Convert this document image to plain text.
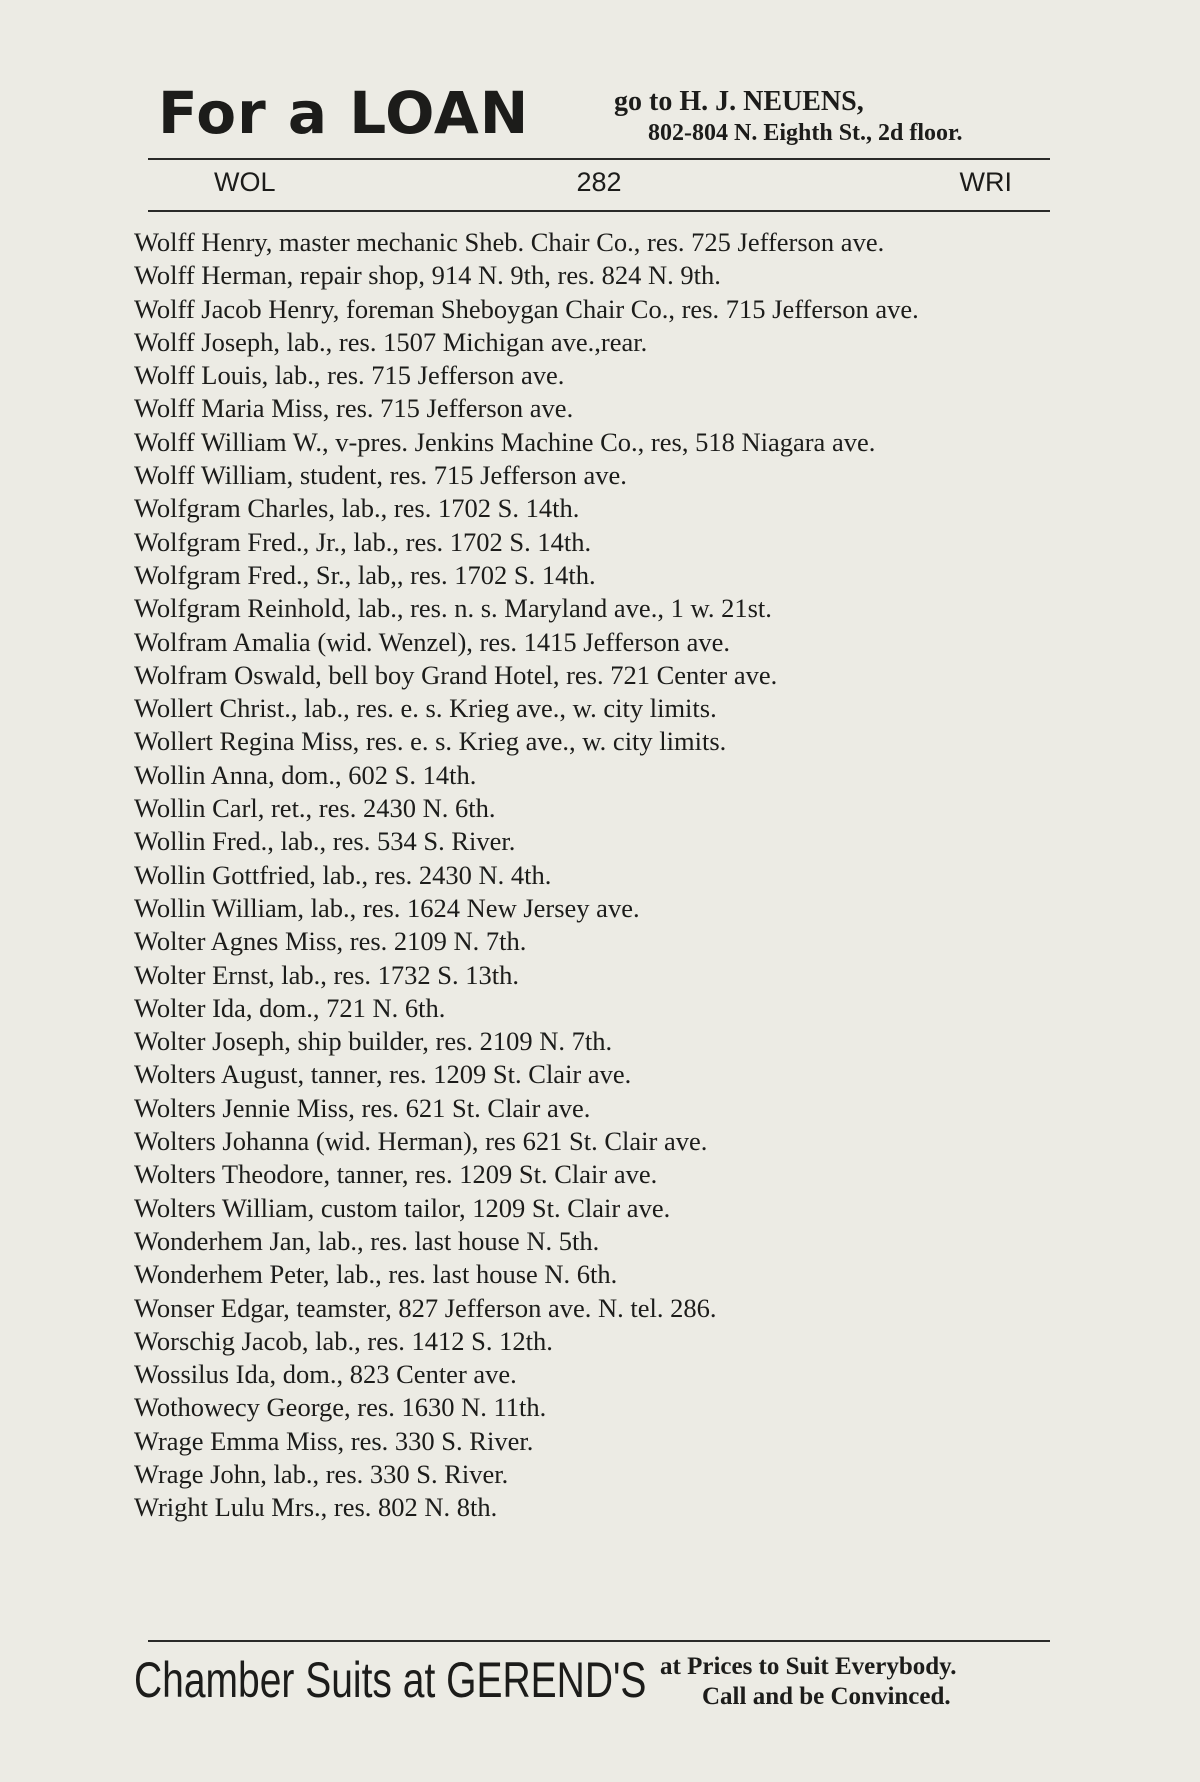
For a LOAN	go to H. J. NEUENS,
802-804 N. Eighth St., 2d floor.
282
WOL	WRI
Wolff Henry, master mechanic Sheb. Chair Co., res. 725 Jefferson ave.
Wolff Herman, repair shop, 914 N. 9th, res. 824 N. 9th.
Wolff Jacob Henry, foreman Sheboygan Chair Co., res. 715 Jefferson ave.
Wolff Joseph, lab., res. 1507 Michigan ave.,rear.
Wolff Louis, lab., res. 715 Jefferson ave.
Wolff Maria Miss, res. 715 Jefferson ave.
Wolff William W., v-pres. Jenkins Machine Co., res, 518 Niagara ave.
Wolff William, student, res. 715 Jefferson ave.
Wolfgram Charles, lab., res. 1702 S. 14th.
Wolfgram Fred., Jr., lab., res. 1702 S. 14th.
Wolfgram Fred., Sr., lab,, res. 1702 S. 14th.
Wolfgram Reinhold, lab., res. n. s. Maryland ave., 1 w. 21st.
Wolfram Amalia (wid. Wenzel), res. 1415 Jefferson ave.
Wolfram Oswald, bell boy Grand Hotel, res. 721 Center ave.
Wollert Christ., lab., res. e. s. Krieg ave., w. city limits.
Wollert Regina Miss, res. e. s. Krieg ave., w. city limits.
Wollin Anna, dom., 602 S. 14th.
Wollin Carl, ret., res. 2430 N. 6th.
Wollin Fred., lab., res. 534 S. River.
Wollin Gottfried, lab., res. 2430 N. 4th.
Wollin William, lab., res. 1624 New Jersey ave.
Wolter Agnes Miss, res. 2109 N. 7th.
Wolter Ernst, lab., res. 1732 S. 13th.
Wolter Ida, dom., 721 N. 6th.
Wolter Joseph, ship builder, res. 2109 N. 7th.
Wolters August, tanner, res. 1209 St. Clair ave.
Wolters Jennie Miss, res. 621 St. Clair ave.
Wolters Johanna (wid. Herman), res 621 St. Clair ave.
Wolters Theodore, tanner, res. 1209 St. Clair ave.
Wolters William, custom tailor, 1209 St. Clair ave.
Wonderhem Jan, lab., res. last house N. 5th.
Wonderhem Peter, lab., res. last house N. 6th.
Wonser Edgar, teamster, 827 Jefferson ave. N. tel. 286.
Worschig Jacob, lab., res. 1412 S. 12th.
Wossilus Ida, dom., 823 Center ave.
Wothowecy George, res. 1630 N. 11th.
Wrage Emma Miss, res. 330 S. River.
Wrage John, lab., res. 330 S. River.
Wright Lulu Mrs., res. 802 N. 8th.
Chamber Suits at GEREND'S at Prices to Suit Everybody.
Call and be Convinced.
